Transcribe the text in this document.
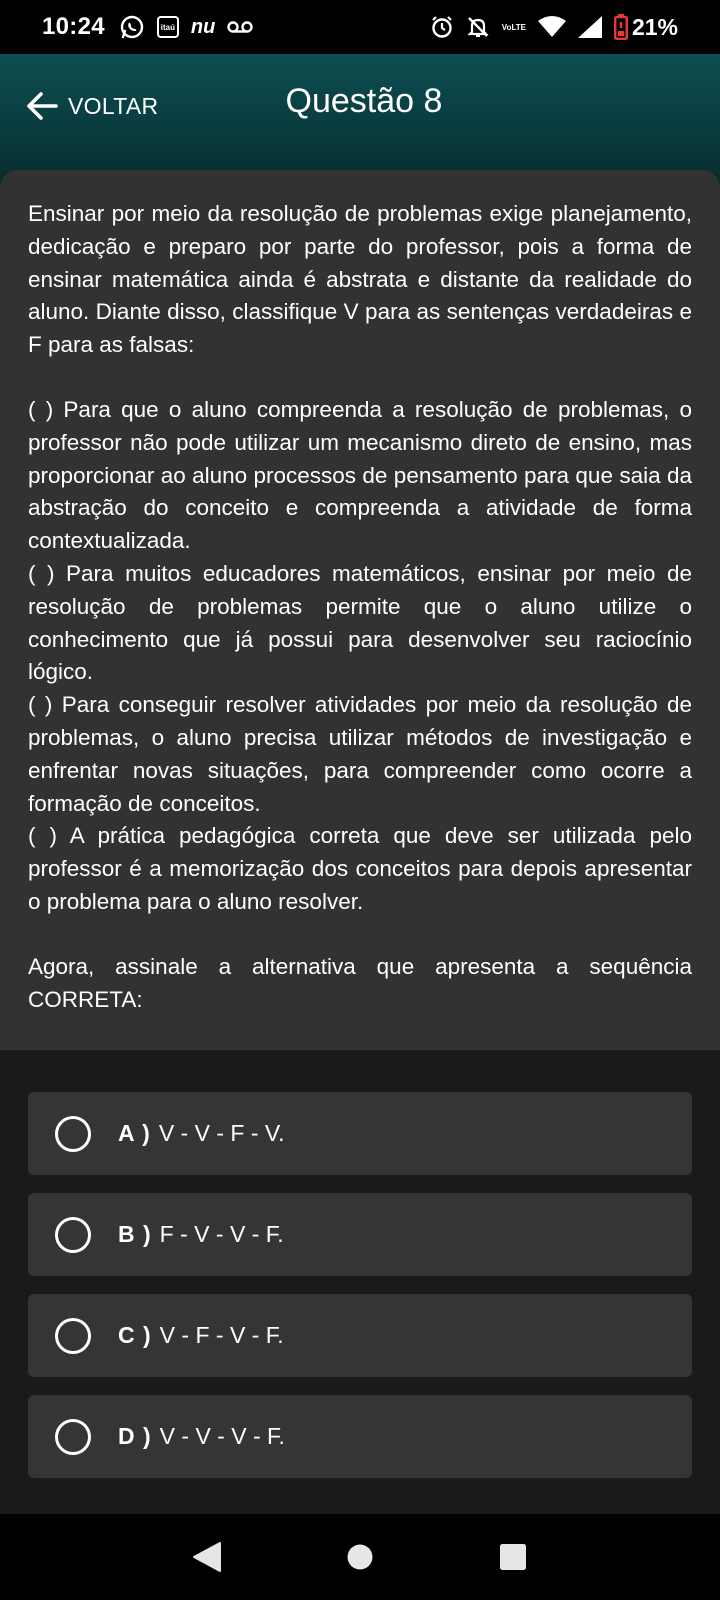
10:24	itaú nu	Vo LTE	21%
VOLTAR	Questão 8

Ensinar por meio da resolução de problemas exige planejamento, dedicação e preparo por parte do professor, pois a forma de ensinar matemática ainda é abstrata e distante da realidade do aluno. Diante disso, classifique V para as sentenças verdadeiras e F para as falsas:

( ) Para que o aluno compreenda a resolução de problemas, o professor não pode utilizar um mecanismo direto de ensino, mas proporcionar ao aluno processos de pensamento para que saia da abstração do conceito e compreenda a atividade de forma contextualizada.

( ) Para muitos educadores matemáticos, ensinar por meio de resolução de problemas permite que o aluno utilize o conhecimento que já possui para desenvolver seu raciocínio lógico.

( ) Para conseguir resolver atividades por meio da resolução de problemas, o aluno precisa utilizar métodos de investigação e enfrentar novas situações, para compreender como ocorre a formação de conceitos.

( ) A prática pedagógica correta que deve ser utilizada pelo professor é a memorização dos conceitos para depois apresentar o problema para o aluno resolver.

Agora, assinale a alternativa que apresenta a sequência CORRETA:

A ) V - V - F - V.
B ) F - V - V - F.
C ) V - F - V - F.
D ) V - V - V - F.
